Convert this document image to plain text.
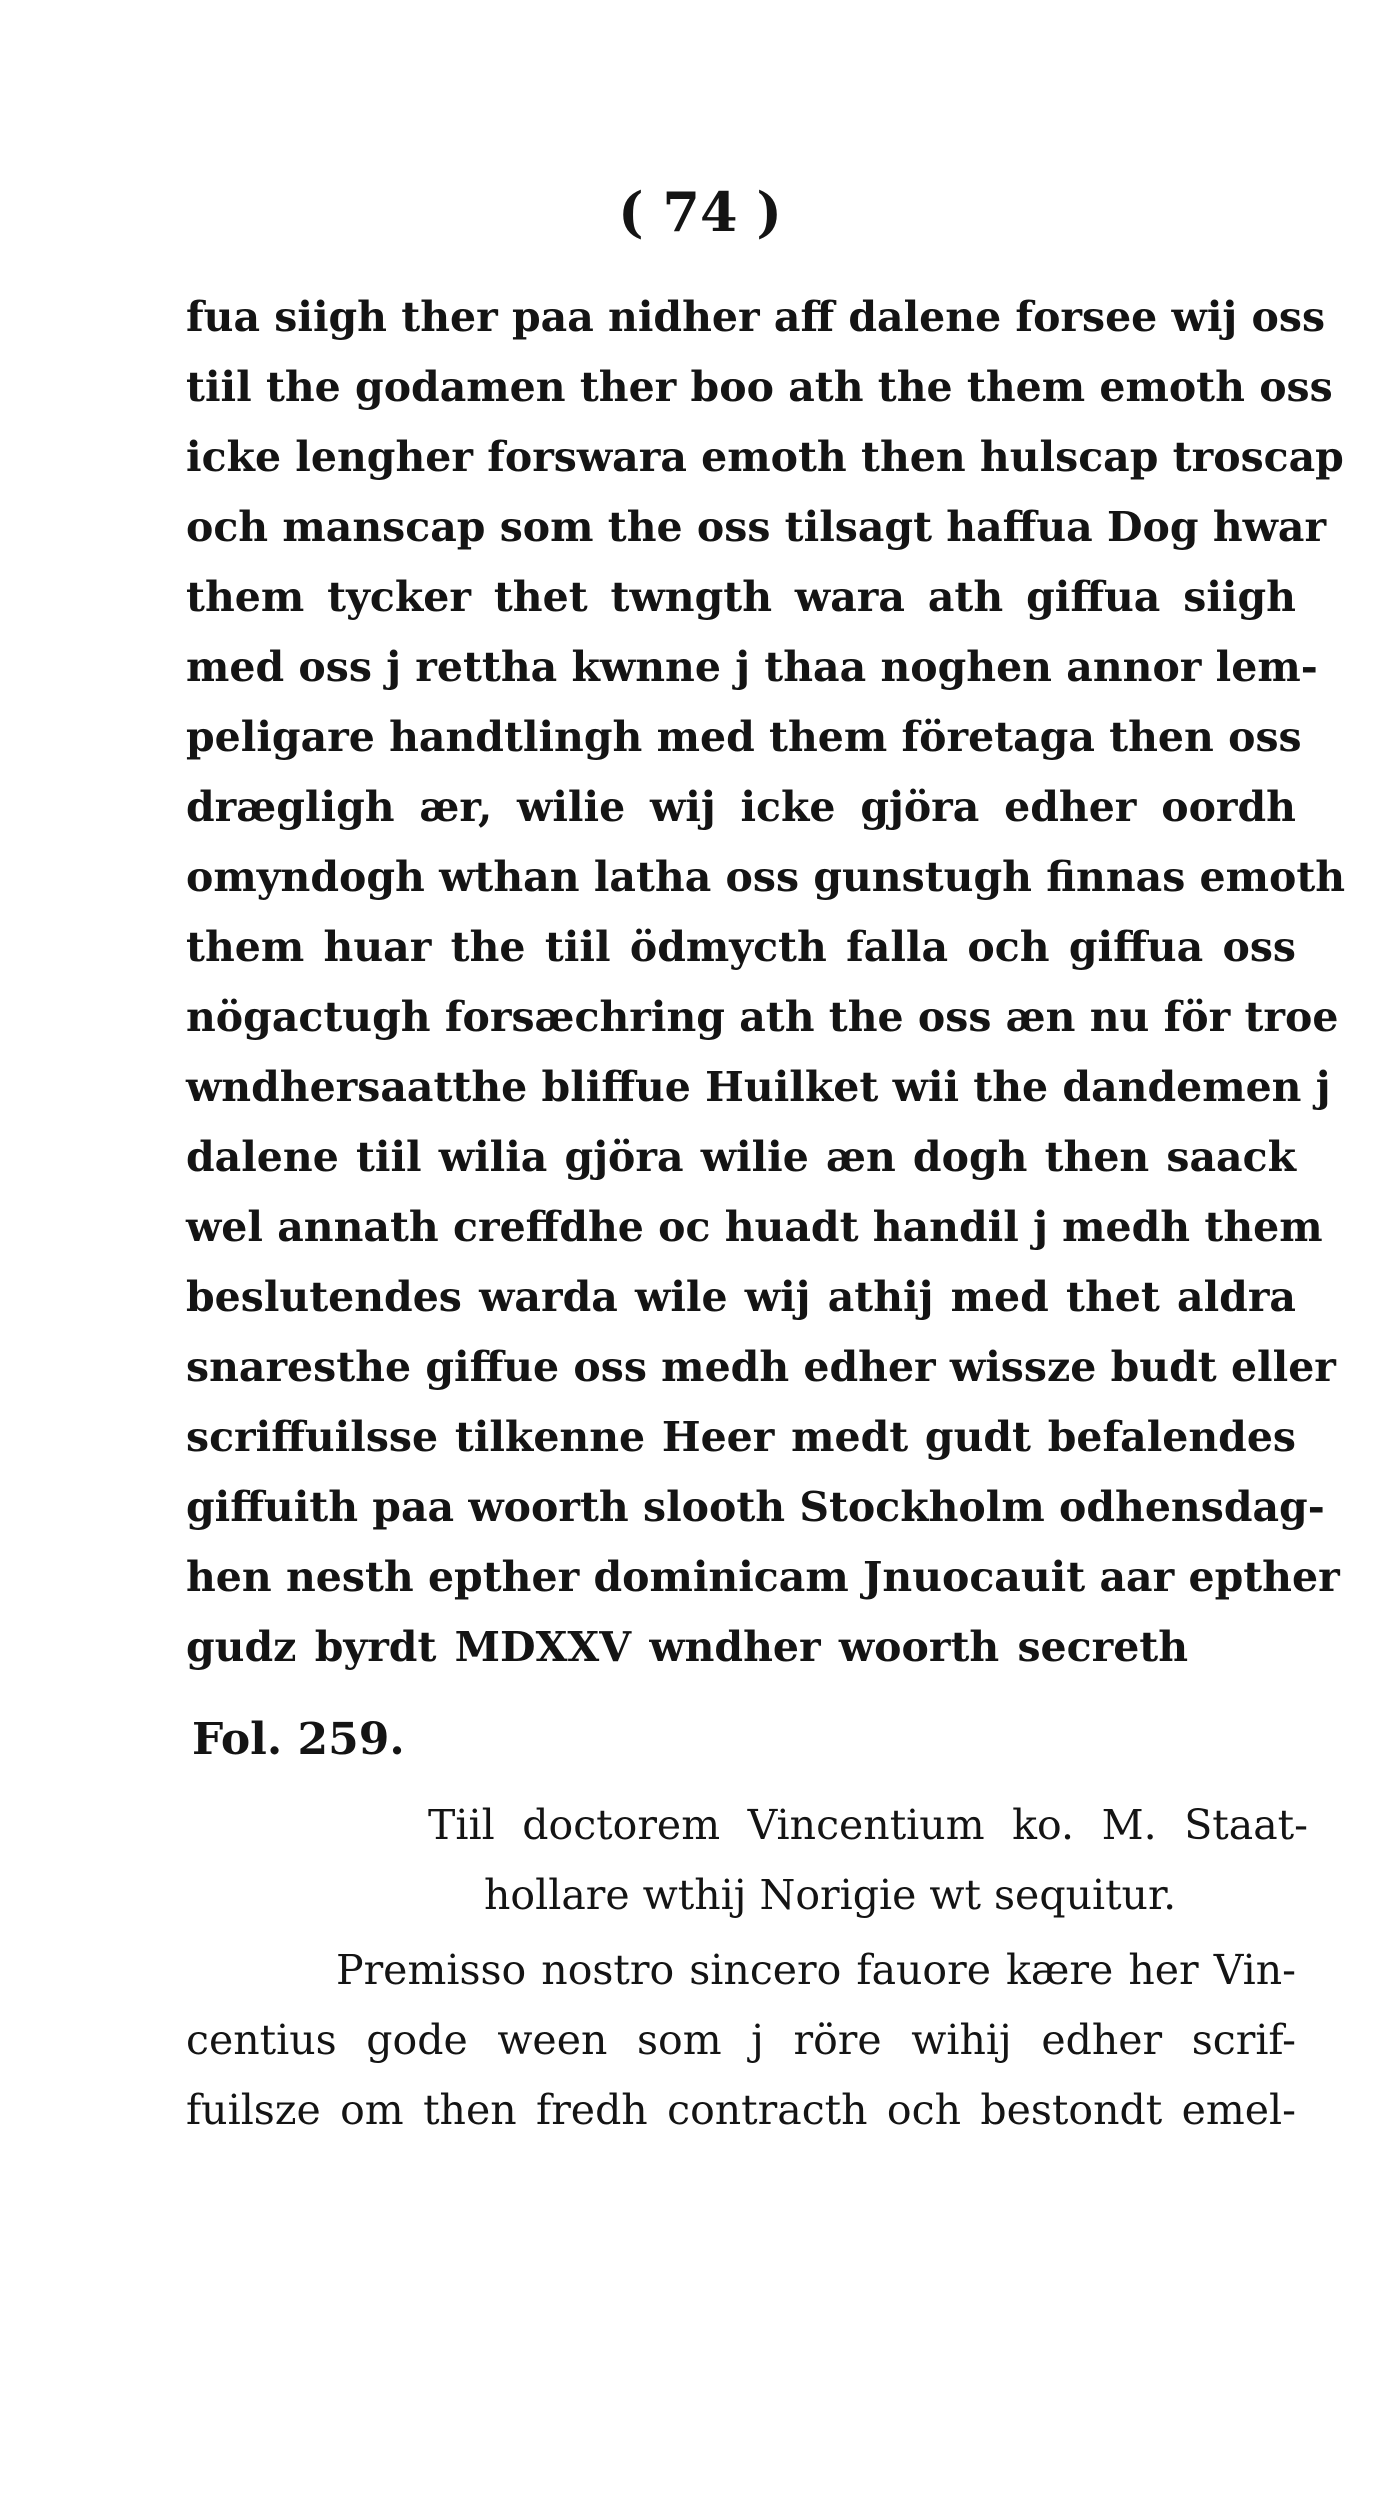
( 74 )
fua siigh ther paa nidher aff dalene forsee wij oss
tiil the godamen ther boo ath the them emoth oss
icke lengher forswara emoth then hulscap troscap
och manscap som the oss tilsagt haffua Dog hwar
them tycker thet twngth wara ath giffua siigh
med oss j rettha kwnne j thaa noghen annor lem-
peligare handtlingh med them företaga then oss
drægligh ær, wilie wij icke gjöra edher oordh
omyndogh wthan latha oss gunstugh finnas emoth
them huar the tiil ödmycth falla och giffua oss
nögactugh forsæchring ath the oss æn nu för troe
wndhersaatthe bliffue Huilket wii the dandemen j
dalene tiil wilia gjöra wilie æn dogh then saack
wel annath creffdhe oc huadt handil j medh them
beslutendes warda wile wij athij med thet aldra
snaresthe giffue oss medh edher wissze budt eller
scriffuilsse tilkenne Heer medt gudt befalendes
giffuith paa woorth slooth Stockholm odhensdag-
hen nesth epther dominicam Jnuocauit aar epther
gudz byrdt MDXXV wndher woorth secreth
Fol. 259.
Tiil doctorem Vincentium ko. M. Staat-
hollare wthij Norigie wt sequitur.
Premisso nostro sincero fauore kære her Vin-
centius gode ween som j röre wihij edher scrif-
fuilsze om then fredh contracth och bestondt emel-
